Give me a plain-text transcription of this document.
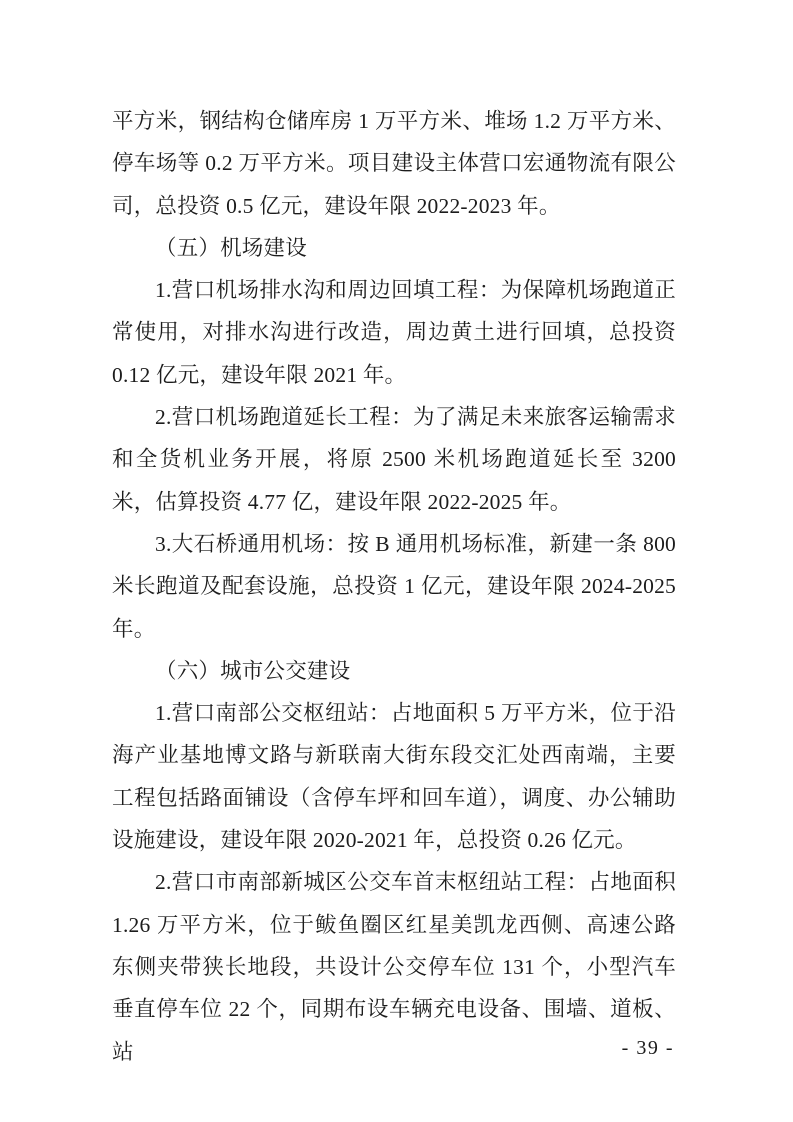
平方米，钢结构仓储库房 1 万平方米、堆场 1.2 万平方米、停车场等 0.2 万平方米。项目建设主体营口宏通物流有限公司，总投资 0.5 亿元，建设年限 2022-2023 年。

（五）机场建设

1.营口机场排水沟和周边回填工程：为保障机场跑道正常使用，对排水沟进行改造，周边黄土进行回填，总投资 0.12 亿元，建设年限 2021 年。

2.营口机场跑道延长工程：为了满足未来旅客运输需求和全货机业务开展，将原 2500 米机场跑道延长至 3200 米，估算投资 4.77 亿，建设年限 2022-2025 年。

3.大石桥通用机场：按 B 通用机场标准，新建一条 800 米长跑道及配套设施，总投资 1 亿元，建设年限 2024-2025 年。

（六）城市公交建设

1.营口南部公交枢纽站：占地面积 5 万平方米，位于沿海产业基地博文路与新联南大街东段交汇处西南端，主要工程包括路面铺设（含停车坪和回车道），调度、办公辅助设施建设，建设年限 2020-2021 年，总投资 0.26 亿元。

2.营口市南部新城区公交车首末枢纽站工程：占地面积 1.26 万平方米，位于鲅鱼圈区红星美凯龙西侧、高速公路东侧夹带狭长地段，共设计公交停车位 131 个，小型汽车垂直停车位 22 个，同期布设车辆充电设备、围墙、道板、站	- 39 -
